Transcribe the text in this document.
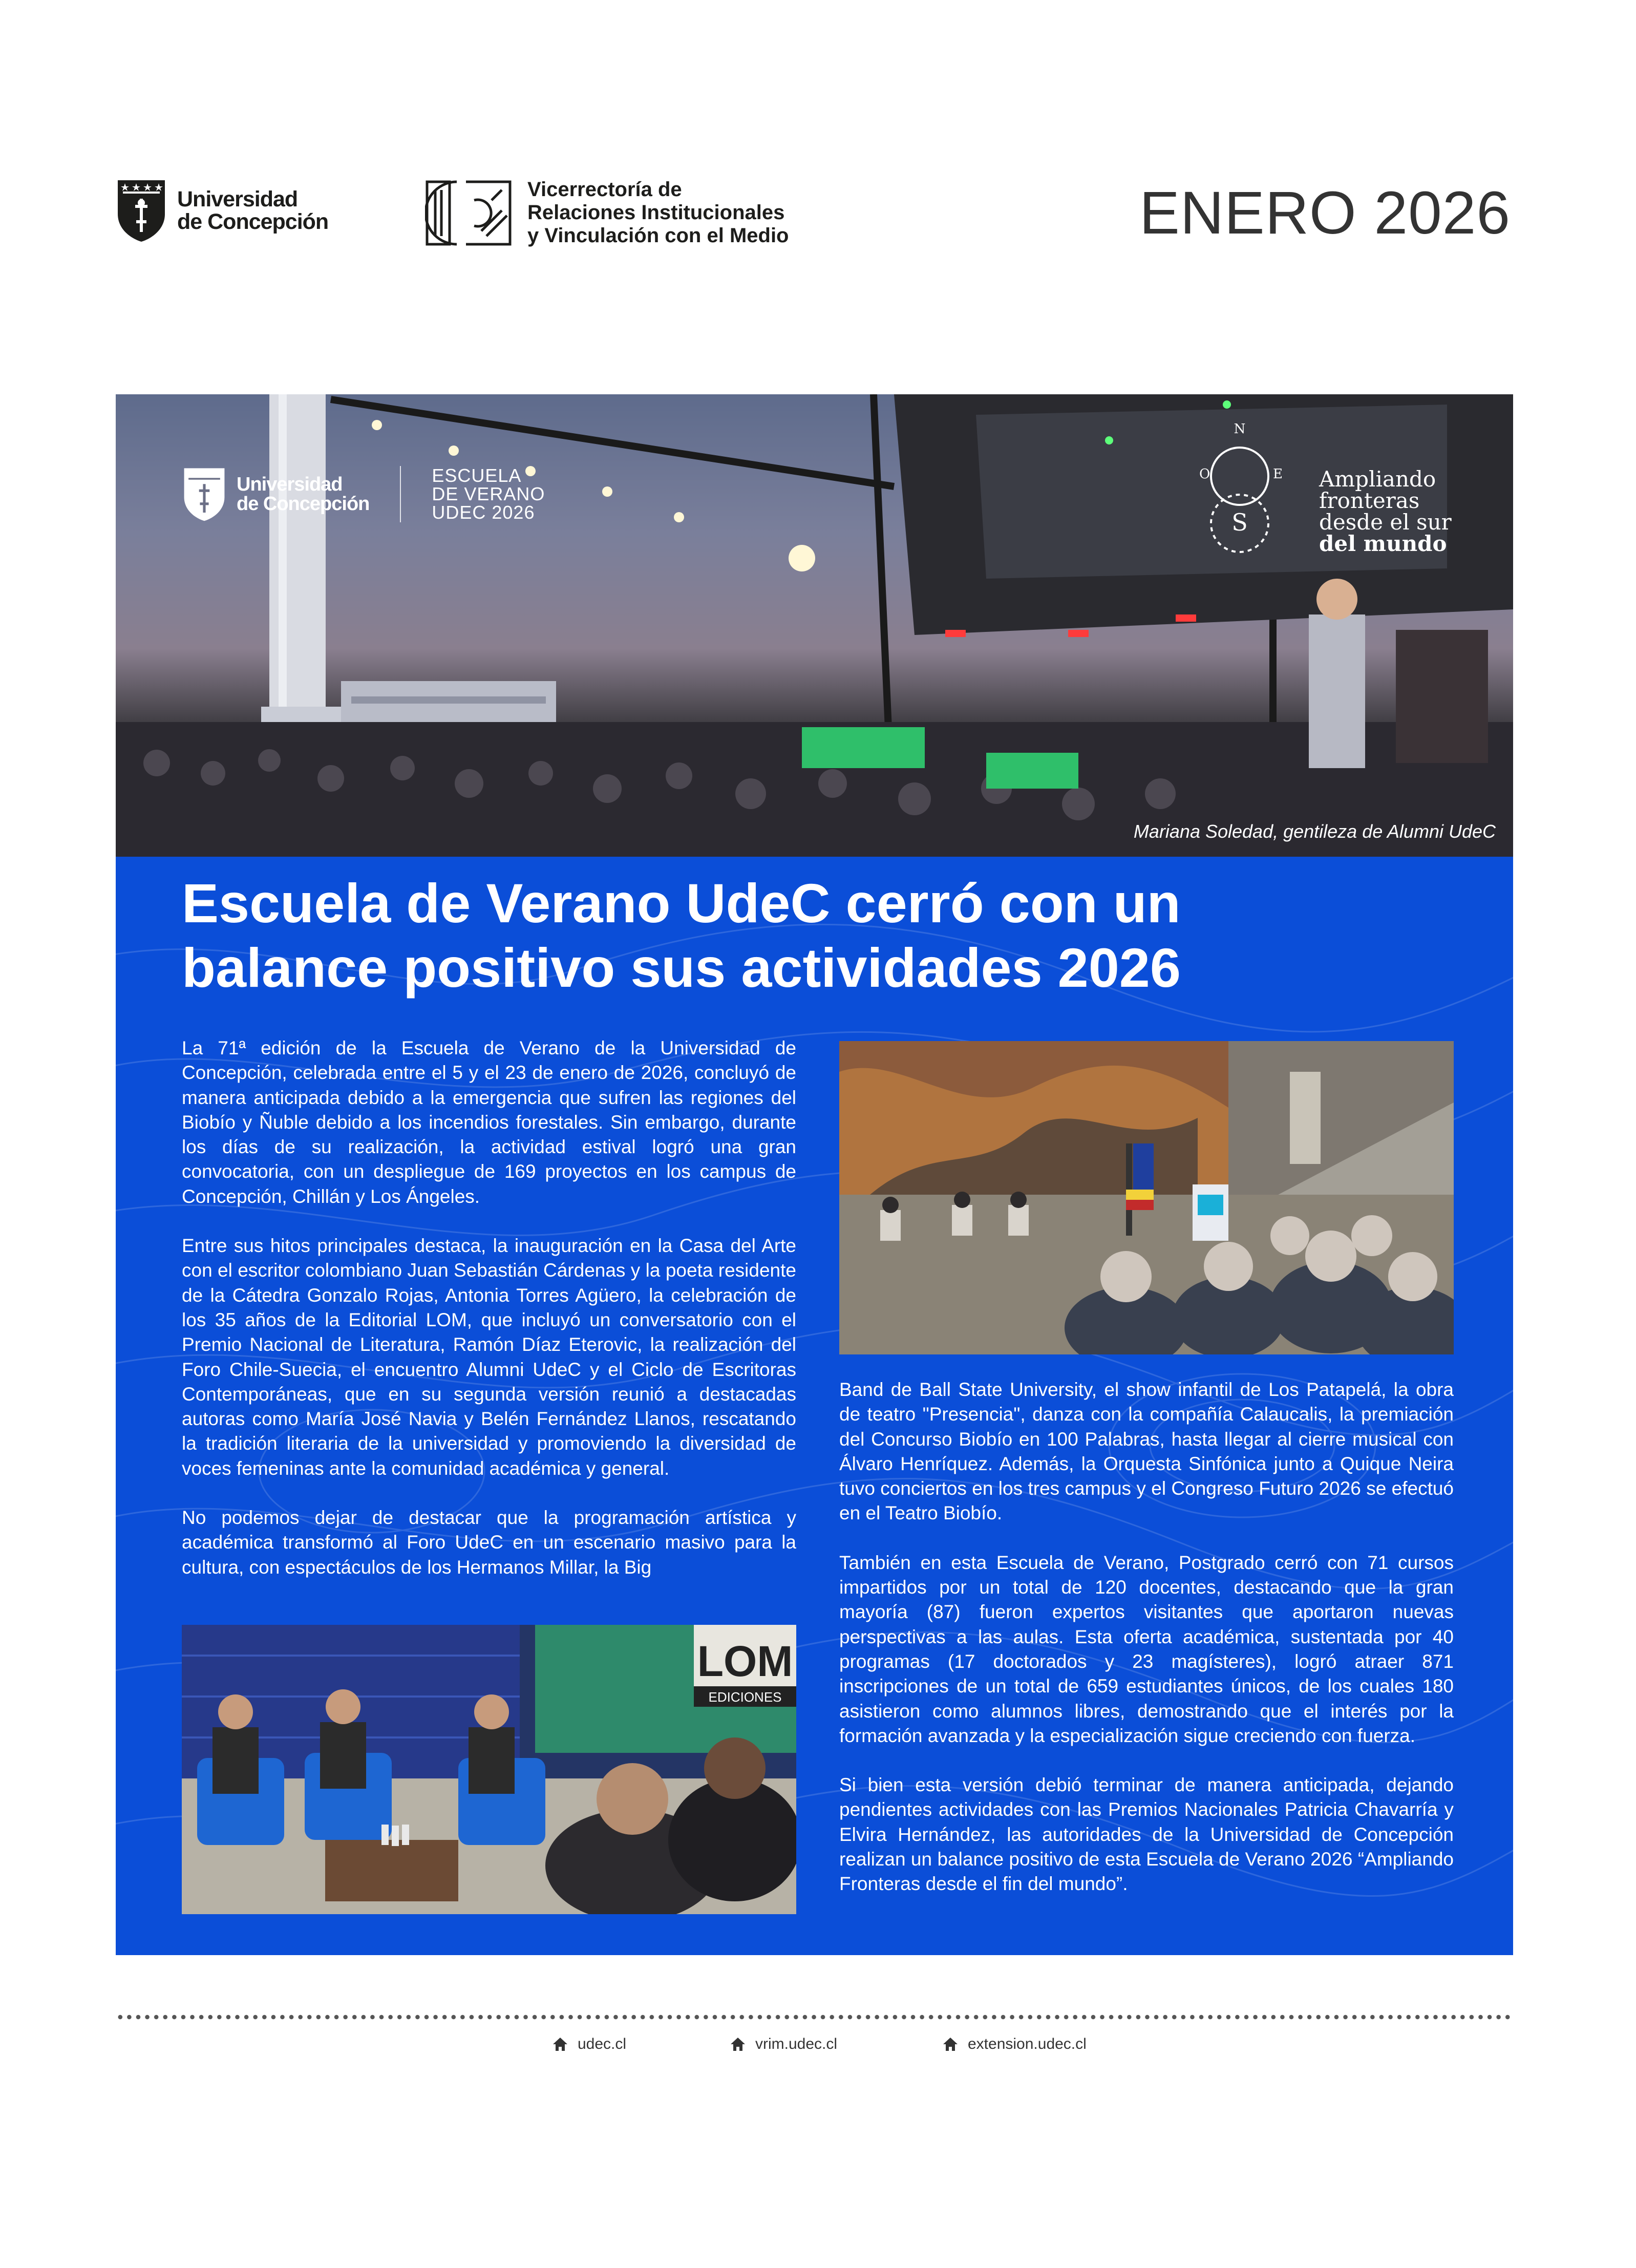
Universidad
de Concepción
Vicerrectoría de
Relaciones Institucionales
y Vinculación con el Medio	ENERO 2026
Universidad
de Concepción
ESCUELA
DE VERANO
UDEC 2026
N
O	E
S
Ampliando
fronteras
desde el sur
del mundo
Mariana Soledad, gentileza de Alumni UdeC
Escuela de Verano UdeC cerró con un
balance positivo sus actividades 2026

La 71ª edición de la Escuela de Verano de la Universidad de Concepción, celebrada entre el 5 y el 23 de enero de 2026, concluyó de manera anticipada debido a la emergencia que sufren las regiones del Biobío y Ñuble debido a los incendios forestales. Sin embargo, durante los días de su realización, la actividad estival logró una gran convocatoria, con un despliegue de 169 proyectos en los campus de Concepción, Chillán y Los Ángeles.

Entre sus hitos principales destaca, la inauguración en la Casa del Arte con el escritor colombiano Juan Sebastián Cárdenas y la poeta residente de la Cátedra Gonzalo Rojas, Antonia Torres Agüero, la celebración de los 35 años de la Editorial LOM, que incluyó un conversatorio con el Premio Nacional de Literatura, Ramón Díaz Eterovic, la realización del Foro Chile-Suecia, el encuentro Alumni UdeC y el Ciclo de Escritoras Contemporáneas, que en su segunda versión reunió a destacadas autoras como María José Navia y Belén Fernández Llanos, rescatando la tradición literaria de la universidad y promoviendo la diversidad de voces femeninas ante la comunidad académica y general.

No podemos dejar de destacar que la programación artística y académica transformó al Foro UdeC en un escenario masivo para la cultura, con espectáculos de los Hermanos Millar, la Big

LOM
EDICIONES

Band de Ball State University, el show infantil de Los Patapelá, la obra de teatro "Presencia", danza con la compañía Calaucalis, la premiación del Concurso Biobío en 100 Palabras, hasta llegar al cierre musical con Álvaro Henríquez. Además, la Orquesta Sinfónica junto a Quique Neira tuvo conciertos en los tres campus y el Congreso Futuro 2026 se efectuó en el Teatro Biobío.

También en esta Escuela de Verano, Postgrado cerró con 71 cursos impartidos por un total de 120 docentes, destacando que la gran mayoría (87) fueron expertos visitantes que aportaron nuevas perspectivas a las aulas. Esta oferta académica, sustentada por 40 programas (17 doctorados y 23 magísteres), logró atraer 871 inscripciones de un total de 659 estudiantes únicos, de los cuales 180 asistieron como alumnos libres, demostrando que el interés por la formación avanzada y la especialización sigue creciendo con fuerza.

Si bien esta versión debió terminar de manera anticipada, dejando pendientes actividades con las Premios Nacionales Patricia Chavarría y Elvira Hernández, las autoridades de la Universidad de Concepción realizan un balance positivo de esta Escuela de Verano 2026 “Ampliando Fronteras desde el fin del mundo”.

udec.cl	vrim.udec.cl	extension.udec.cl
